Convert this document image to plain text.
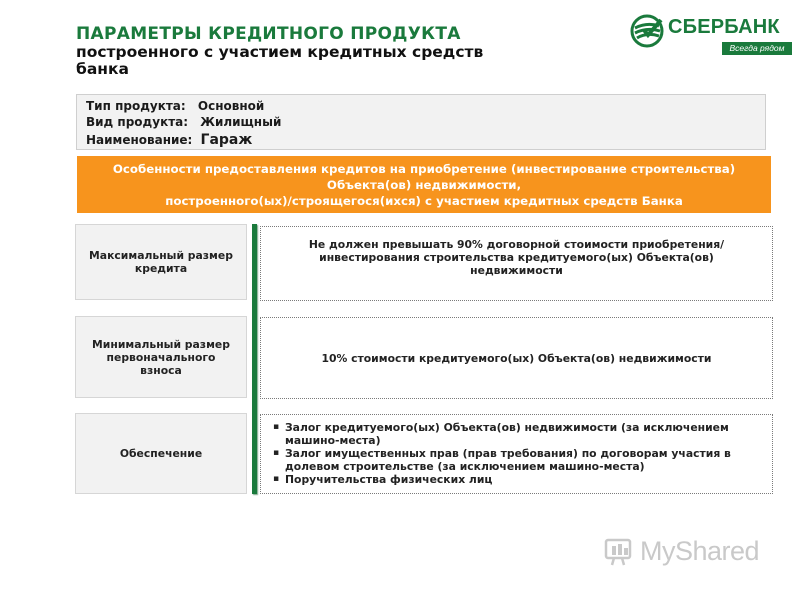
ПАРАМЕТРЫ КРЕДИТНОГО ПРОДУКТА
построенного с участием кредитных средств
банка
СБЕРБАНК
Всегда рядом
Тип продукта: Основной
Вид продукта: Жилищный
Наименование: Гараж
Особенности предоставления кредитов на приобретение (инвестирование строительства)
Объекта(ов) недвижимости,
построенного(ых)/строящегося(ихся) с участием кредитных средств Банка
Максимальный размер кредита
Минимальный размер первоначального взноса
Обеспечение
Не должен превышать 90% договорной стоимости приобретения/инвестирования строительства кредитуемого(ых) Объекта(ов) недвижимости
10% стоимости кредитуемого(ых) Объекта(ов) недвижимости
▪ Залог кредитуемого(ых) Объекта(ов) недвижимости (за исключением машино-места)
▪ Залог имущественных прав (прав требования) по договорам участия в долевом строительстве (за исключением машино-места)
▪ Поручительства физических лиц
MyShared
